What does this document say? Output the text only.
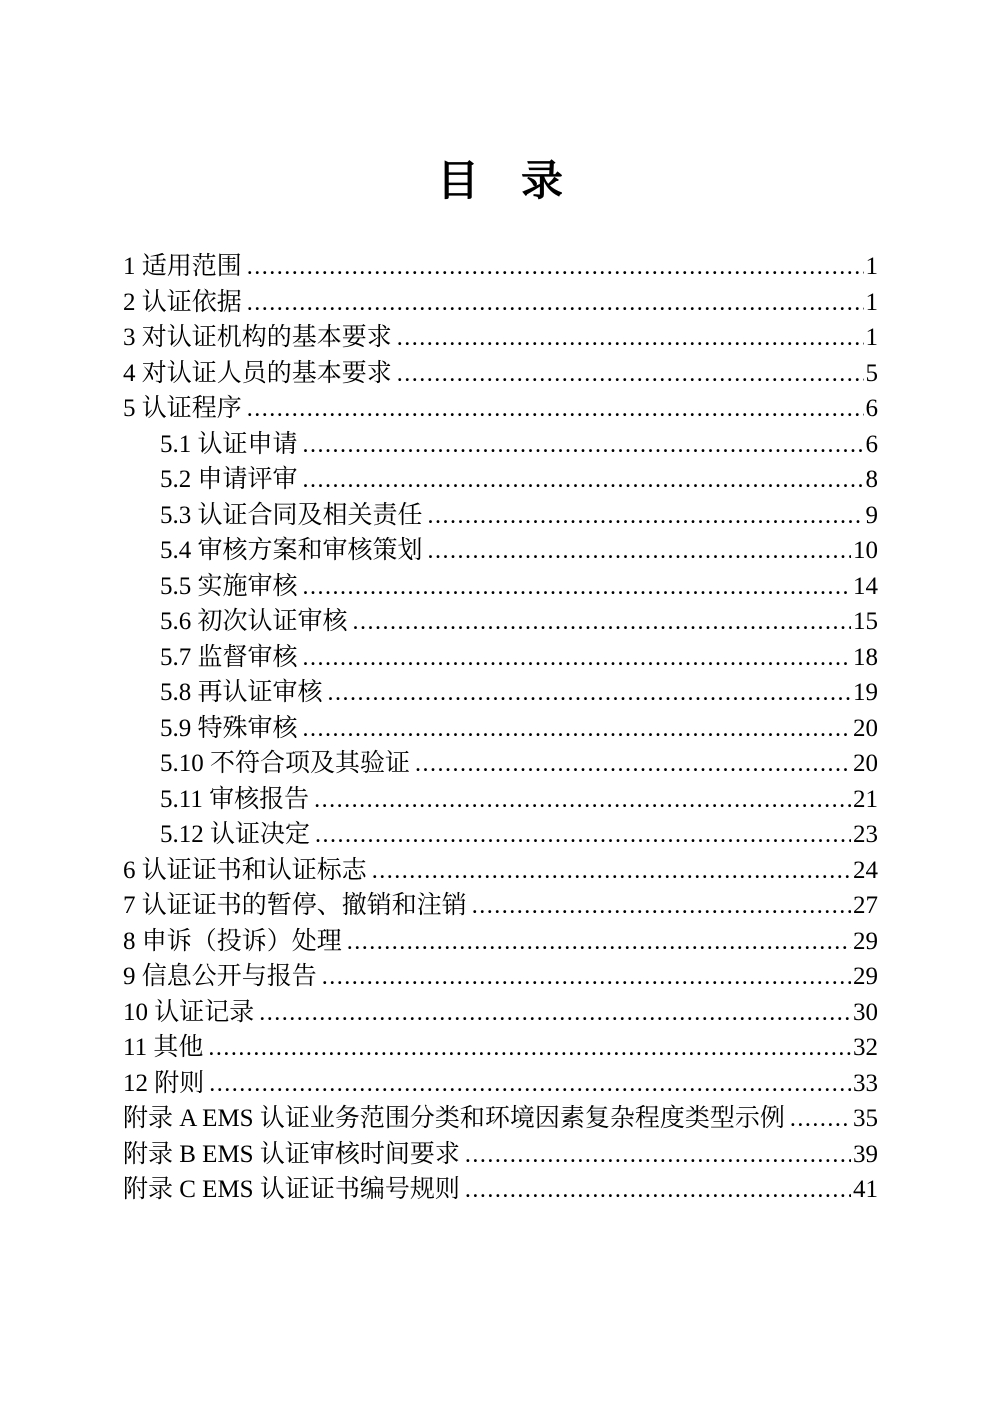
目　录
1 适用范围 .....	1
2 认证依据 .....	1
3 对认证机构的基本要求 .....	1
4 对认证人员的基本要求 .....	5
5 认证程序 .....	6
5.1 认证申请 .....	6
5.2 申请评审 .....	8
5.3 认证合同及相关责任 .....	9
5.4 审核方案和审核策划 .....	10
5.5 实施审核 .....	14
5.6 初次认证审核 .....	15
5.7 监督审核 .....	18
5.8 再认证审核 .....	19
5.9 特殊审核 .....	20
5.10 不符合项及其验证 .....	20
5.11 审核报告 .....	21
5.12 认证决定 .....	23
6 认证证书和认证标志 .....	24
7 认证证书的暂停、撤销和注销 .....	27
8 申诉（投诉）处理 .....	29
9 信息公开与报告 .....	29
10 认证记录 .....	30
11 其他 .....	32
12 附则 .....	33
附录 A EMS 认证业务范围分类和环境因素复杂程度类型示例 .....	35
附录 B EMS 认证审核时间要求 .....	39
附录 C EMS 认证证书编号规则 .....	41
